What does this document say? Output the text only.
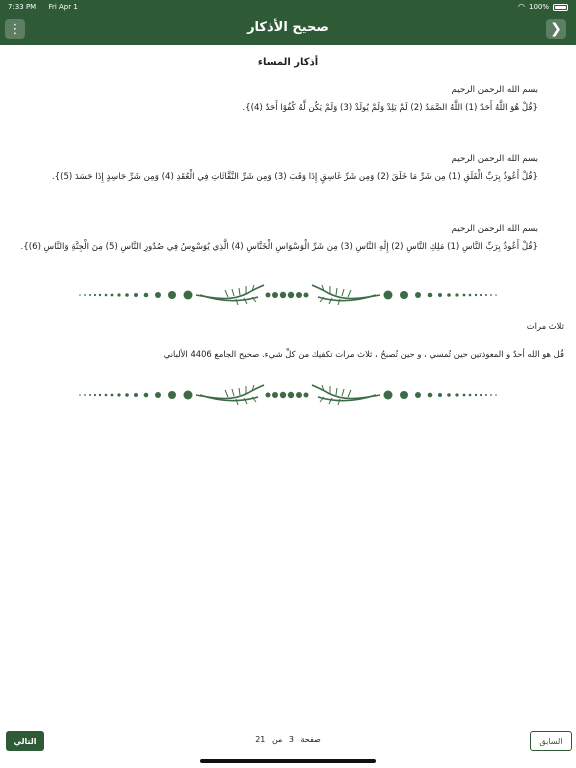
7:33 PM Fri Apr 1	◠ 100%
⋮	صحيح الأذكار	❯
أذكار المساء
بسم الله الرحمن الرحيم
{قُلْ هُوَ اللَّهُ أَحَدٌ (1) اللَّهُ الصَّمَدُ (2) لَمْ يَلِدْ وَلَمْ يُولَدْ (3) وَلَمْ يَكُن لَّهُ كُفُوًا أَحَدٌ (4)}.
بسم الله الرحمن الرحيم
{قُلْ أَعُوذُ بِرَبِّ الْفَلَقِ (1) مِن شَرِّ مَا خَلَقَ (2) وَمِن شَرِّ غَاسِقٍ إِذَا وَقَبَ (3) وَمِن شَرِّ النَّفَّاثَاتِ فِي الْعُقَدِ (4) وَمِن شَرِّ حَاسِدٍ إِذَا حَسَدَ (5)}.
بسم الله الرحمن الرحيم
{قُلْ أَعُوذُ بِرَبِّ النَّاسِ (1) مَلِكِ النَّاسِ (2) إِلَٰهِ النَّاسِ (3) مِن شَرِّ الْوَسْوَاسِ الْخَنَّاسِ (4) الَّذِي يُوَسْوِسُ فِي صُدُورِ النَّاسِ (5) مِنَ الْجِنَّةِ وَالنَّاسِ (6)}.
ثلاث مرات
قُل هو الله أحدٌ و المعوذتين حين تُمسي ، و حين تُصبحُ ، ثلاث مرات تكفيك من كلِّ شيء. صحيح الجامع 4406 الألباني
التالي	صفحة 3 من 21	السابق
